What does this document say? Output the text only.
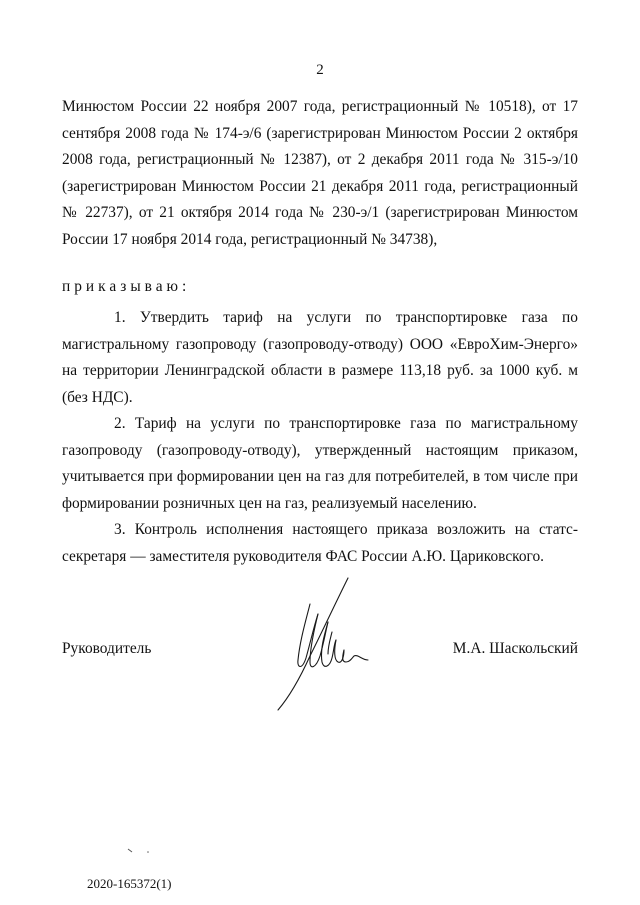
2

Минюстом России 22 ноября 2007 года, регистрационный № 10518), от 17 сентября 2008 года № 174-э/6 (зарегистрирован Минюстом России 2 октября 2008 года, регистрационный № 12387), от 2 декабря 2011 года № 315-э/10 (зарегистрирован Минюстом России 21 декабря 2011 года, регистрационный № 22737), от 21 октября 2014 года № 230-э/1 (зарегистрирован Минюстом России 17 ноября 2014 года, регистрационный № 34738),

приказываю:

1. Утвердить тариф на услуги по транспортировке газа по магистральному газопроводу (газопроводу-отводу) ООО «ЕвроХим-Энерго» на территории Ленинградской области в размере 113,18 руб. за 1000 куб. м (без НДС).

2. Тариф на услуги по транспортировке газа по магистральному газопроводу (газопроводу-отводу), утвержденный настоящим приказом, учитывается при формировании цен на газ для потребителей, в том числе при формировании розничных цен на газ, реализуемый населению.

3. Контроль исполнения настоящего приказа возложить на статс-секретаря — заместителя руководителя ФАС России А.Ю. Цариковского.

Руководитель	М.А. Шаскольский
2020-165372(1)
